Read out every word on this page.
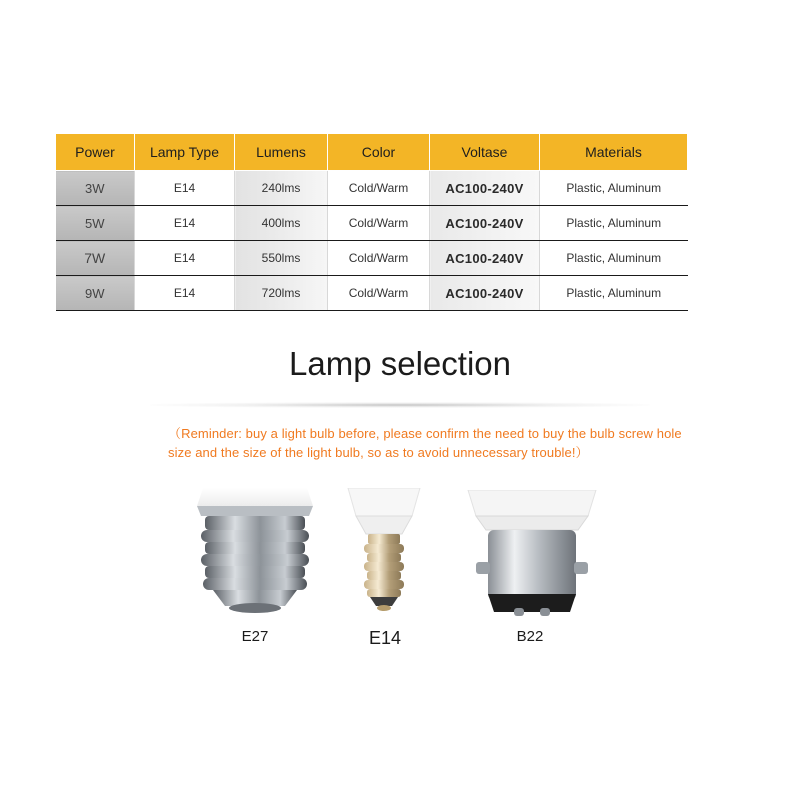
Power	Lamp Type	Lumens	Color	Voltase	Materials
3W	E14	240lms	Cold/Warm	AC100-240V	Plastic, Aluminum
5W	E14	400lms	Cold/Warm	AC100-240V	Plastic, Aluminum
7W	E14	550lms	Cold/Warm	AC100-240V	Plastic, Aluminum
9W	E14	720lms	Cold/Warm	AC100-240V	Plastic, Aluminum
Lamp selection
（Reminder: buy a light bulb before, please confirm the need to buy the bulb screw hole size and the size of the light bulb, so as to avoid unnecessary trouble!）
E27	E14	B22
